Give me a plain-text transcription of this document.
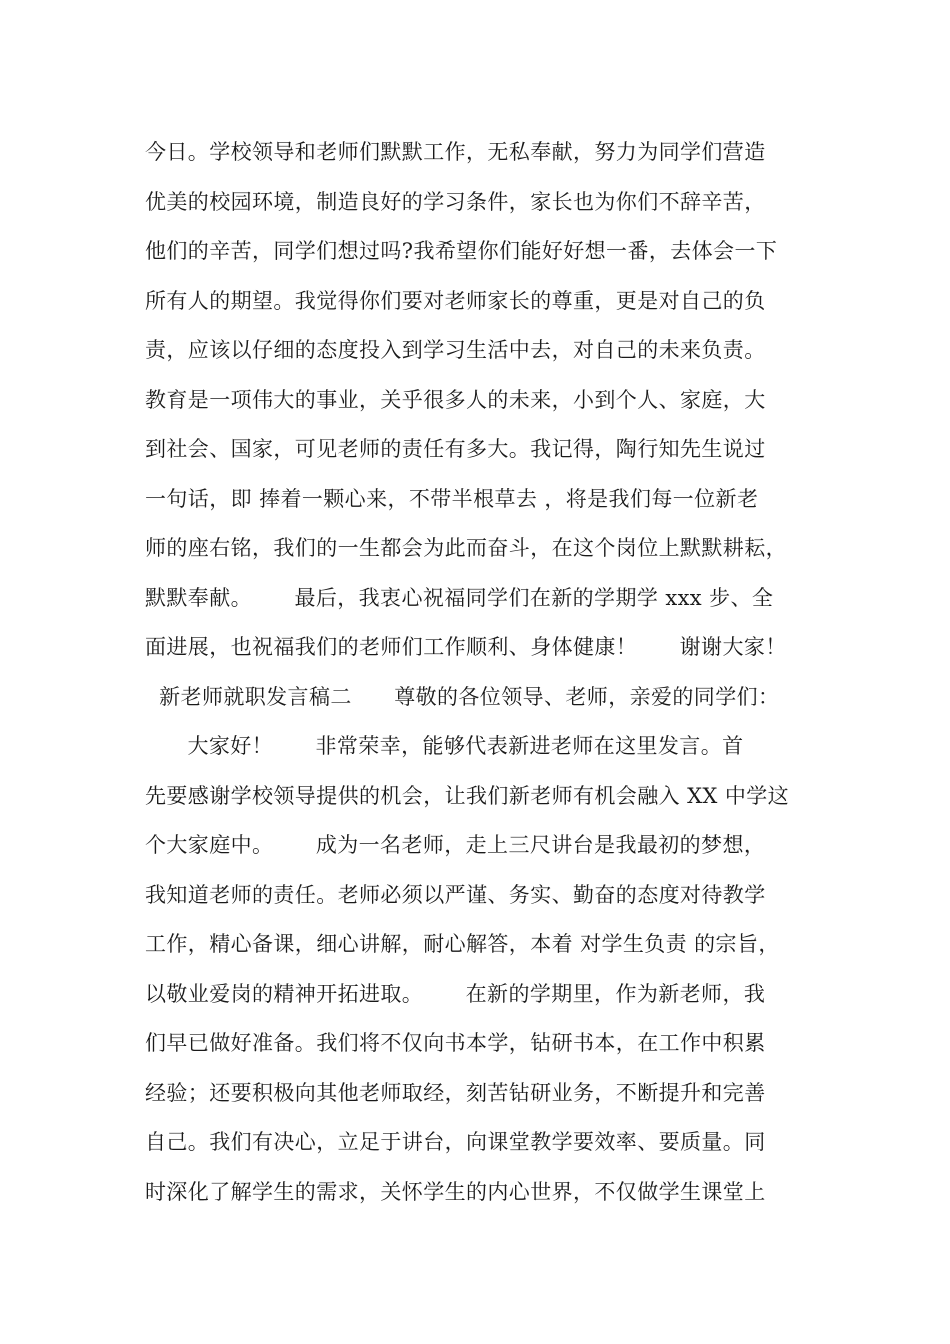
今日。学校领导和老师们默默工作，无私奉献，努力为同学们营造
优美的校园环境，制造良好的学习条件，家长也为你们不辞辛苦，
他们的辛苦，同学们想过吗?我希望你们能好好想一番，去体会一下
所有人的期望。我觉得你们要对老师家长的尊重，更是对自己的负
责，应该以仔细的态度投入到学习生活中去，对自己的未来负责。
教育是一项伟大的事业，关乎很多人的未来，小到个人、家庭，大
到社会、国家，可见老师的责任有多大。我记得，陶行知先生说过
一句话，即 捧着一颗心来，不带半根草去 ，将是我们每一位新老
师的座右铭，我们的一生都会为此而奋斗，在这个岗位上默默耕耘，
默默奉献。      最后，我衷心祝福同学们在新的学期学 xxx 步、全
面进展，也祝福我们的老师们工作顺利、身体健康！      谢谢大家！
新老师就职发言稿二      尊敬的各位领导、老师，亲爱的同学们：
大家好！      非常荣幸，能够代表新进老师在这里发言。首
先要感谢学校领导提供的机会，让我们新老师有机会融入 XX 中学这
个大家庭中。      成为一名老师，走上三尺讲台是我最初的梦想，
我知道老师的责任。老师必须以严谨、务实、勤奋的态度对待教学
工作，精心备课，细心讲解，耐心解答，本着 对学生负责 的宗旨，
以敬业爱岗的精神开拓进取。      在新的学期里，作为新老师，我
们早已做好准备。我们将不仅向书本学，钻研书本，在工作中积累
经验；还要积极向其他老师取经，刻苦钻研业务，不断提升和完善
自己。我们有决心，立足于讲台，向课堂教学要效率、要质量。同
时深化了解学生的需求，关怀学生的内心世界，不仅做学生课堂上
